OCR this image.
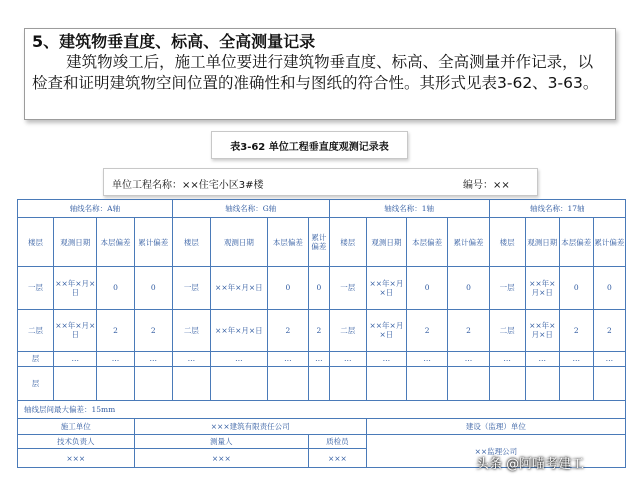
5、建筑物垂直度、标高、全高测量记录

建筑物竣工后，施工单位要进行建筑物垂直度、标高、全高测量并作记录，以检查和证明建筑物空间位置的准确性和与图纸的符合性。其形式见表3-62、3-63。

表3-62 单位工程垂直度观测记录表
单位工程名称：××住宅小区3#楼	编号：××
轴线名称：A轴				轴线名称：G轴				轴线名称：1轴				轴线名称：17轴			
楼层	观测日期	本层偏差	累计偏差	楼层	观测日期	本层偏差	累计偏差	楼层	观测日期	本层偏差	累计偏差	楼层	观测日期	本层偏差	累计偏差
一层	××年×月×日	0	0	一层	××年×月×日	0	0	一层	××年×月×日	0	0	一层	××年×月×日	0	0
二层	××年×月×日	2	2	二层	××年×月×日	2	2	二层	××年×月×日	2	2	二层	××年×月×日	2	2
层	…	…	…	…	…	…	…	…	…	…	…	…	…	…	…
层															
轴线层间最大偏差：15mm															
施工单位			×××建筑有限责任公司						建设（监理）单位						
技术负责人			测量人				质检员		××监理公司						
×××			×××				×××									头条 @阿喵考建工
